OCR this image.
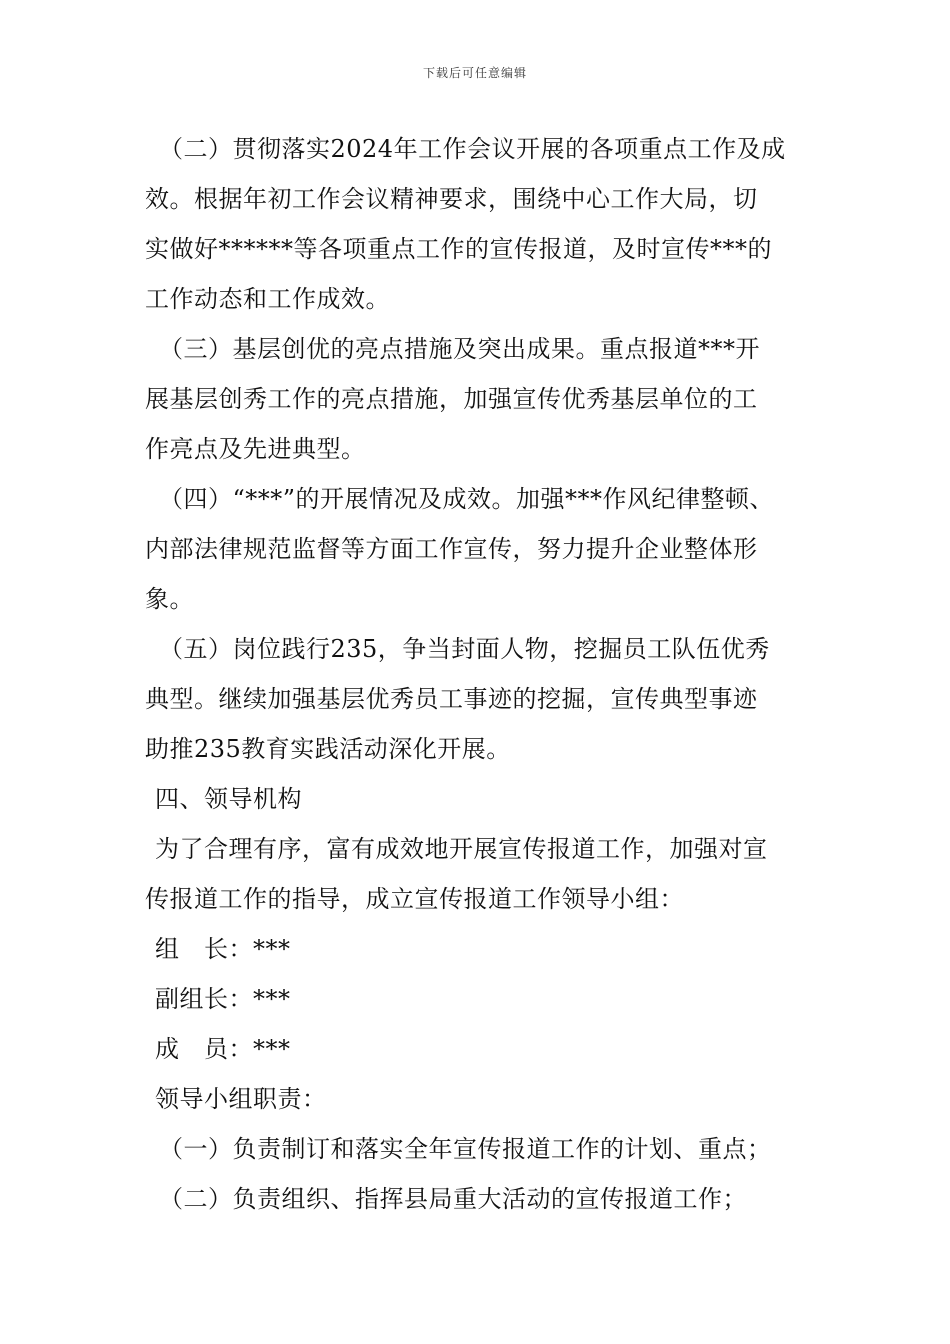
下载后可任意编辑
（二）贯彻落实2024年工作会议开展的各项重点工作及成
效。根据年初工作会议精神要求，围绕中心工作大局，切
实做好******等各项重点工作的宣传报道，及时宣传***的
工作动态和工作成效。
（三）基层创优的亮点措施及突出成果。重点报道***开
展基层创秀工作的亮点措施，加强宣传优秀基层单位的工
作亮点及先进典型。
（四）“***”的开展情况及成效。加强***作风纪律整顿、
内部法律规范监督等方面工作宣传，努力提升企业整体形
象。
（五）岗位践行235，争当封面人物，挖掘员工队伍优秀
典型。继续加强基层优秀员工事迹的挖掘，宣传典型事迹
助推235教育实践活动深化开展。
四、领导机构
为了合理有序，富有成效地开展宣传报道工作，加强对宣
传报道工作的指导，成立宣传报道工作领导小组：
组　长：***
副组长：***
成　员：***
领导小组职责：
（一）负责制订和落实全年宣传报道工作的计划、重点；
（二）负责组织、指挥县局重大活动的宣传报道工作；
